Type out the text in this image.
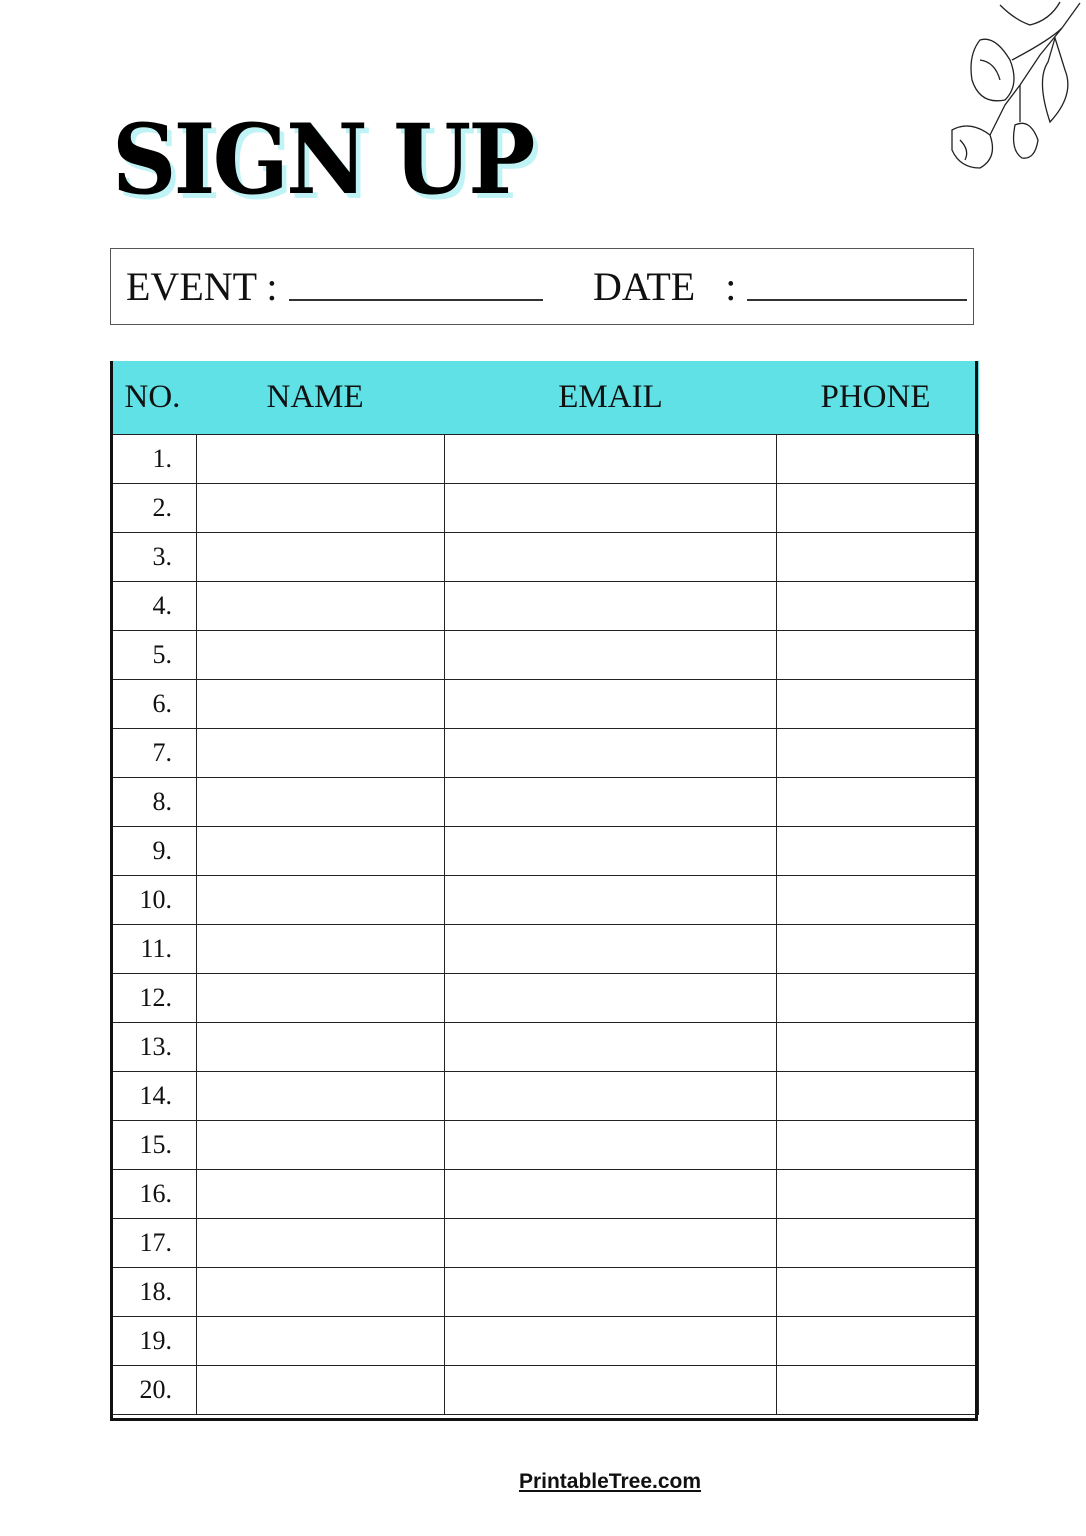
SIGN UP
EVENT :	DATE   :
NO.	NAME	EMAIL	PHONE
1.			
2.			
3.			
4.			
5.			
6.			
7.			
8.			
9.			
10.			
11.			
12.			
13.			
14.			
15.			
16.			
17.			
18.			
19.			
20.			
PrintableTree.com
